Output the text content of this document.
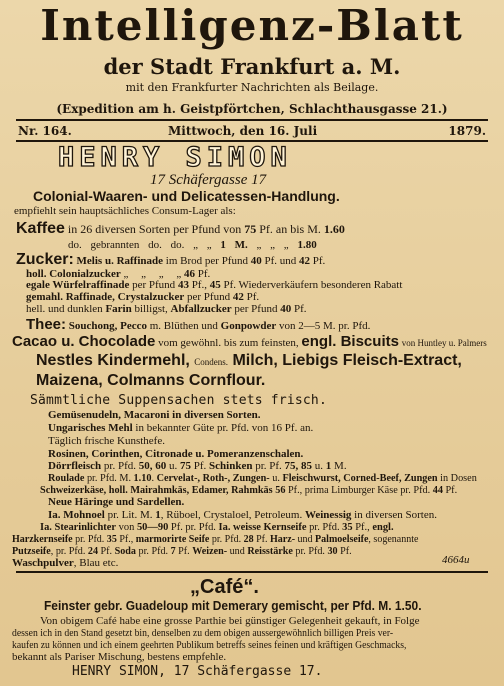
Intelligenz-Blatt
der Stadt Frankfurt a. M.
mit den Frankfurter Nachrichten als Beilage.
(Expedition am h. Geistpförtchen, Schlachthausgasse 21.)
Nr. 164.	Mittwoch, den 16. Juli	1879.
HENRY SIMON
17 Schäfergasse 17
Colonial-Waaren- und Delicatessen-Handlung.
empfiehlt sein hauptsächliches Consum-Lager als:
Kaffee in 26 diversen Sorten per Pfund von 75 Pf. an bis M. 1.60
do. gebrannten do. do. „ „ 1 M. „ „ „ 1.80
Zucker: Melis u. Raffinade im Brod per Pfund 40 Pf. und 42 Pf.
holl. Colonialzucker „ „ „ „ 46 Pf.
egale Würfelraffinade per Pfund 43 Pf., 45 Pf. Wiederverkäufern besonderen Rabatt
gemahl. Raffinade, Crystalzucker per Pfund 42 Pf.
hell. und dunklen Farin billigst, Abfallzucker per Pfund 40 Pf.
Thee: Souchong, Pecco m. Blüthen und Gonpowder von 2—5 M. pr. Pfd.
Cacao u. Chocolade vom gewöhnl. bis zum feinsten, engl. Biscuits von Huntley u. Palmers
Nestles Kindermehl, Condens. Milch, Liebigs Fleisch-Extract,
Maizena, Colmanns Cornflour.
Sämmtliche Suppensachen stets frisch.
Gemüsenudeln, Macaroni in diversen Sorten.
Ungarisches Mehl in bekannter Güte pr. Pfd. von 16 Pf. an.
Täglich frische Kunsthefe.
Rosinen, Corinthen, Citronade u. Pomeranzenschalen.
Dörrfleisch pr. Pfd. 50, 60 u. 75 Pf. Schinken pr. Pf. 75, 85 u. 1 M.
Roulade pr. Pfd. M. 1.10. Cervelat-, Roth-, Zungen- u. Fleischwurst, Corned-Beef, Zungen in Dosen
Schweizerkäse, holl. Mairahmkäs, Edamer, Rahmkäs 56 Pf., prima Limburger Käse pr. Pfd. 44 Pf.
Neue Häringe und Sardellen.
Ia. Mohnoel pr. Lit. M. 1, Rüboel, Crystaloel, Petroleum. Weinessig in diversen Sorten.
Ia. Stearinlichter von 50—90 Pf. pr. Pfd. Ia. weisse Kernseife pr. Pfd. 35 Pf., engl.
Harzkernseife pr. Pfd. 35 Pf., marmorirte Seife pr. Pfd. 28 Pf. Harz- und Palmoelseife, sogenannte
Putzseife, pr. Pfd. 24 Pf. Soda pr. Pfd. 7 Pf. Weizen- und Reisstärke pr. Pfd. 30 Pf.
Waschpulver, Blau etc.	4664u
„Café“.
Feinster gebr. Guadeloup mit Demerary gemischt, per Pfd. M. 1.50.
Von obigem Café habe eine grosse Parthie bei günstiger Gelegenheit gekauft, in Folge
dessen ich in den Stand gesetzt bin, denselben zu dem obigen aussergewöhnlich billigen Preis ver-
kaufen zu können und ich einem geehrten Publikum betreffs seines feinen und kräftigen Geschmacks,
bekannt als Pariser Mischung, bestens empfehle.
HENRY SIMON, 17 Schäfergasse 17.
